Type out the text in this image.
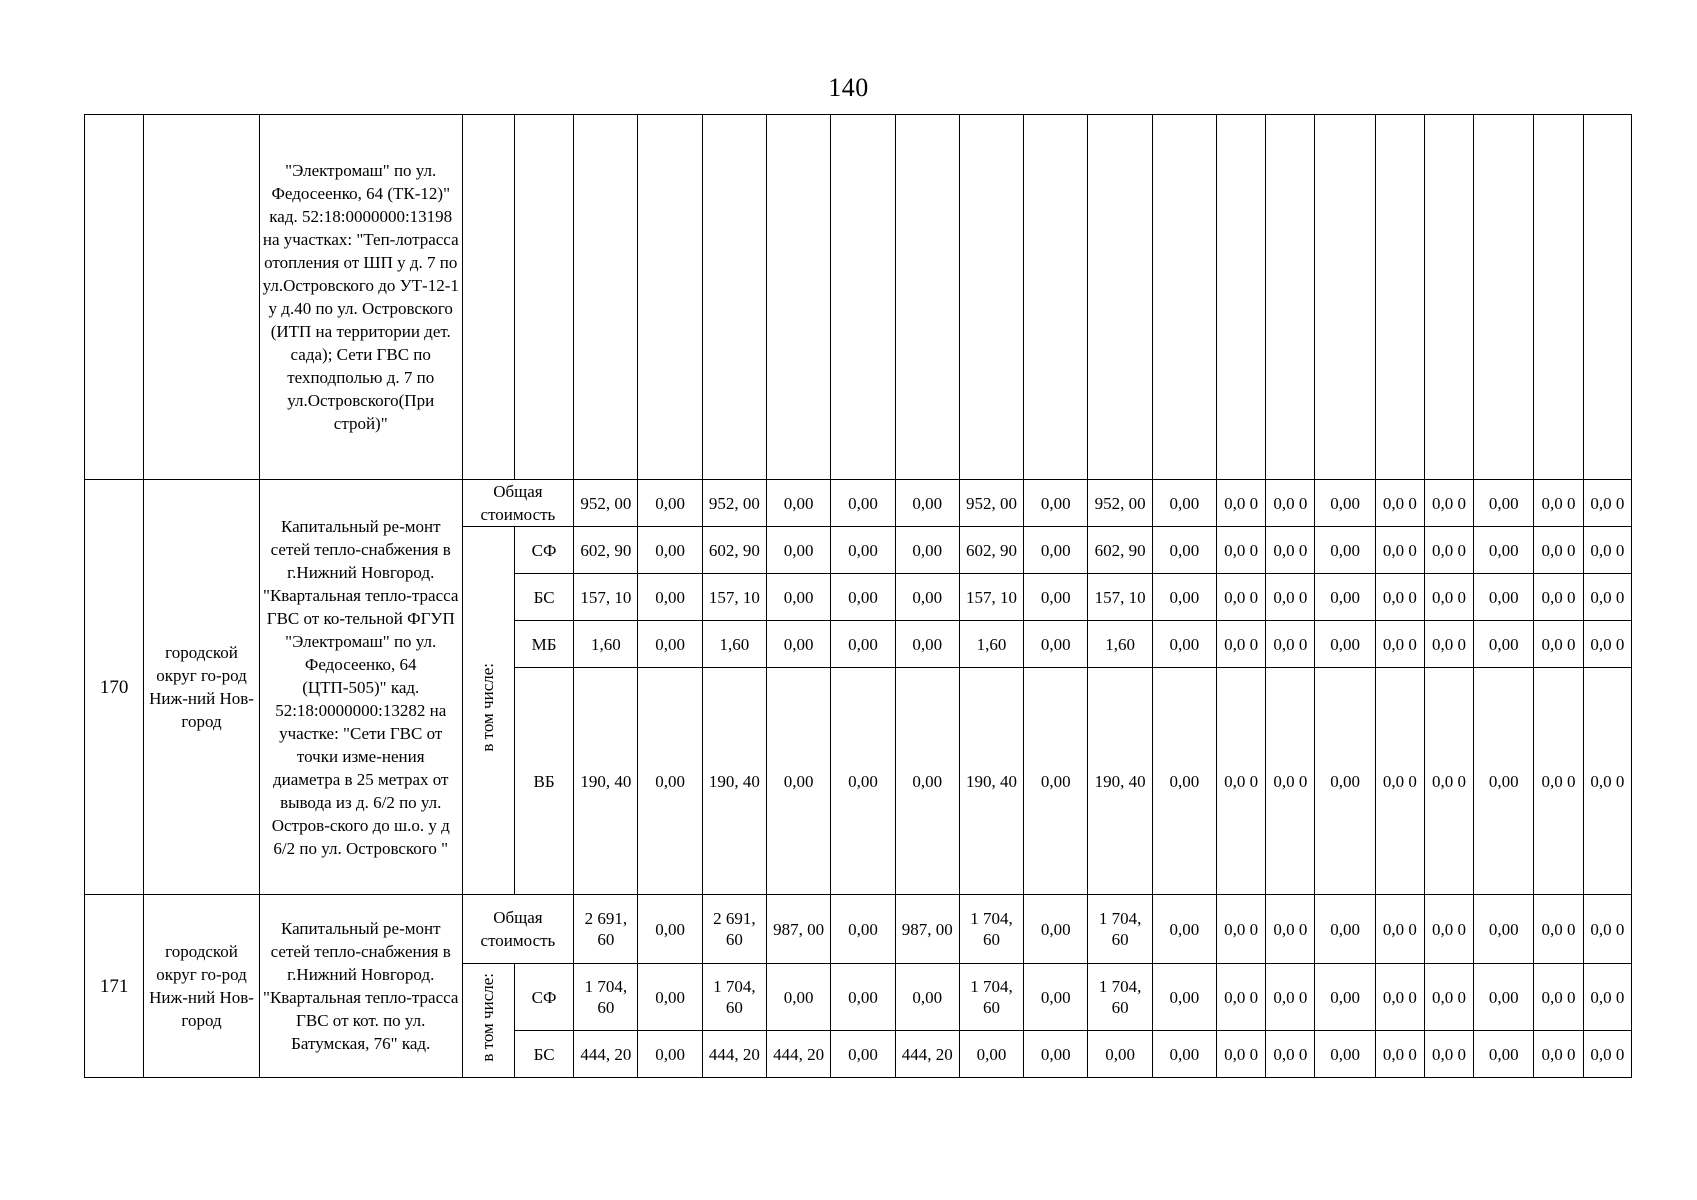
140
		"Электромаш" по ул. Федосеенко, 64 (ТК-12)" кад. 52:18:0000000:13198 на участках: "Теп-лотрасса отопления от ШП у д. 7 по ул.Островского до УТ-12-1 у д.40 по ул. Островского (ИТП на территории дет. сада); Сети ГВС по техподполью д. 7 по ул.Островского(При строй)"																				
170	городской округ го-род Ниж-ний Нов-город	Капитальный ре-монт сетей тепло-снабжения в г.Нижний Новгород. "Квартальная тепло-трасса ГВС от ко-тельной ФГУП "Электромаш" по ул. Федосеенко, 64 (ЦТП-505)" кад. 52:18:0000000:13282 на участке: "Сети ГВС от точки изме-нения диаметра в 25 метрах от вывода из д. 6/2 по ул. Остров-ского до ш.о. у д 6/2 по ул. Островского "	Общая стоимость		952, 00	0,00	952, 00	0,00	0,00	0,00	952, 00	0,00	952, 00	0,00	0,0 0	0,0 0	0,00	0,0 0	0,0 0	0,00	0,0 0	0,0 0
			в том числе:	СФ	602, 90	0,00	602, 90	0,00	0,00	0,00	602, 90	0,00	602, 90	0,00	0,0 0	0,0 0	0,00	0,0 0	0,0 0	0,00	0,0 0	0,0 0
				БС	157, 10	0,00	157, 10	0,00	0,00	0,00	157, 10	0,00	157, 10	0,00	0,0 0	0,0 0	0,00	0,0 0	0,0 0	0,00	0,0 0	0,0 0
				МБ	1,60	0,00	1,60	0,00	0,00	0,00	1,60	0,00	1,60	0,00	0,0 0	0,0 0	0,00	0,0 0	0,0 0	0,00	0,0 0	0,0 0
				ВБ	190, 40	0,00	190, 40	0,00	0,00	0,00	190, 40	0,00	190, 40	0,00	0,0 0	0,0 0	0,00	0,0 0	0,0 0	0,00	0,0 0	0,0 0
171	городской округ го-род Ниж-ний Нов-город	Капитальный ре-монт сетей тепло-снабжения в г.Нижний Новгород. "Квартальная тепло-трасса ГВС от кот. по ул. Батумская, 76" кад.	Общая стоимость		2 691, 60	0,00	2 691, 60	987, 00	0,00	987, 00	1 704, 60	0,00	1 704, 60	0,00	0,0 0	0,0 0	0,00	0,0 0	0,0 0	0,00	0,0 0	0,0 0
			в том числе:	СФ	1 704, 60	0,00	1 704, 60	0,00	0,00	0,00	1 704, 60	0,00	1 704, 60	0,00	0,0 0	0,0 0	0,00	0,0 0	0,0 0	0,00	0,0 0	0,0 0
				БС	444, 20	0,00	444, 20	444, 20	0,00	444, 20	0,00	0,00	0,00	0,00	0,0 0	0,0 0	0,00	0,0 0	0,0 0	0,00	0,0 0	0,0 0
